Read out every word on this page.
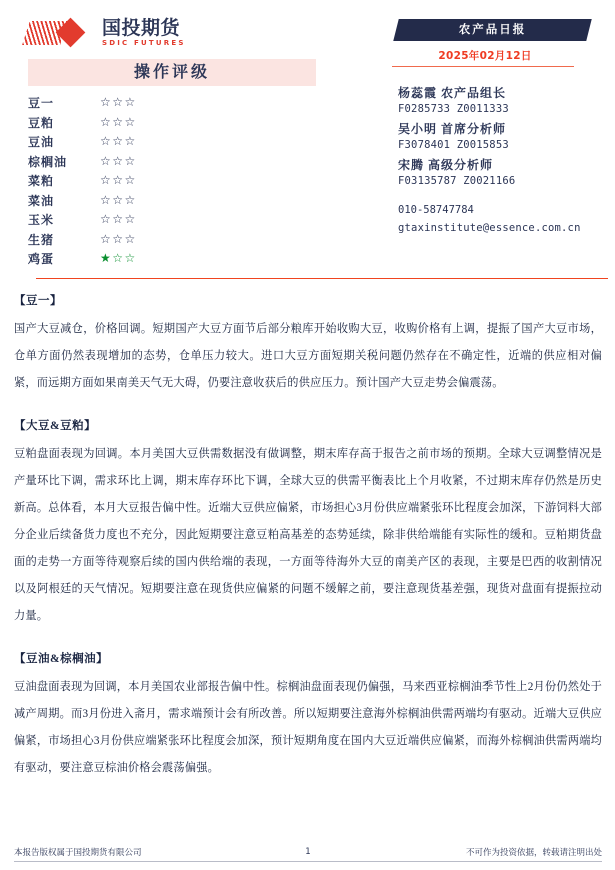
国投期货
SDIC FUTURES
操作评级
豆一	☆☆☆
豆粕	☆☆☆
豆油	☆☆☆
棕榈油	☆☆☆
菜粕	☆☆☆
菜油	☆☆☆
玉米	☆☆☆
生猪	☆☆☆
鸡蛋	★☆☆
农产品日报
2025年02月12日
杨蕊霞 农产品组长
F0285733 Z0011333
吴小明 首席分析师
F3078401 Z0015853
宋腾 高级分析师
F03135787 Z0021166
010-58747784
gtaxinstitute@essence.com.cn
【豆一】
国产大豆减仓，价格回调。短期国产大豆方面节后部分粮库开始收购大豆，收购价格有上调，提振了国产大豆市场，仓单方面仍然表现增加的态势，仓单压力较大。进口大豆方面短期关税问题仍然存在不确定性，近端的供应相对偏紧，而远期方面如果南美天气无大碍，仍要注意收获后的供应压力。预计国产大豆走势会偏震荡。
【大豆&豆粕】
豆粕盘面表现为回调。本月美国大豆供需数据没有做调整，期末库存高于报告之前市场的预期。全球大豆调整情况是产量环比下调，需求环比上调，期末库存环比下调，全球大豆的供需平衡表比上个月收紧，不过期末库存仍然是历史新高。总体看，本月大豆报告偏中性。近端大豆供应偏紧，市场担心3月份供应端紧张环比程度会加深，下游饲料大部分企业后续备货力度也不充分，因此短期要注意豆粕高基差的态势延续，除非供给端能有实际性的缓和。豆粕期货盘面的走势一方面等待观察后续的国内供给端的表现，一方面等待海外大豆的南美产区的表现，主要是巴西的收割情况以及阿根廷的天气情况。短期要注意在现货供应偏紧的问题不缓解之前，要注意现货基差强，现货对盘面有提振拉动力量。
【豆油&棕榈油】
豆油盘面表现为回调，本月美国农业部报告偏中性。棕榈油盘面表现仍偏强，马来西亚棕榈油季节性上2月份仍然处于减产周期。而3月份进入斋月，需求端预计会有所改善。所以短期要注意海外棕榈油供需两端均有驱动。近端大豆供应偏紧，市场担心3月份供应端紧张环比程度会加深，预计短期角度在国内大豆近端供应偏紧，而海外棕榈油供需两端均有驱动，要注意豆棕油价格会震荡偏强。
本报告版权属于国投期货有限公司	1	不可作为投资依据，转载请注明出处
